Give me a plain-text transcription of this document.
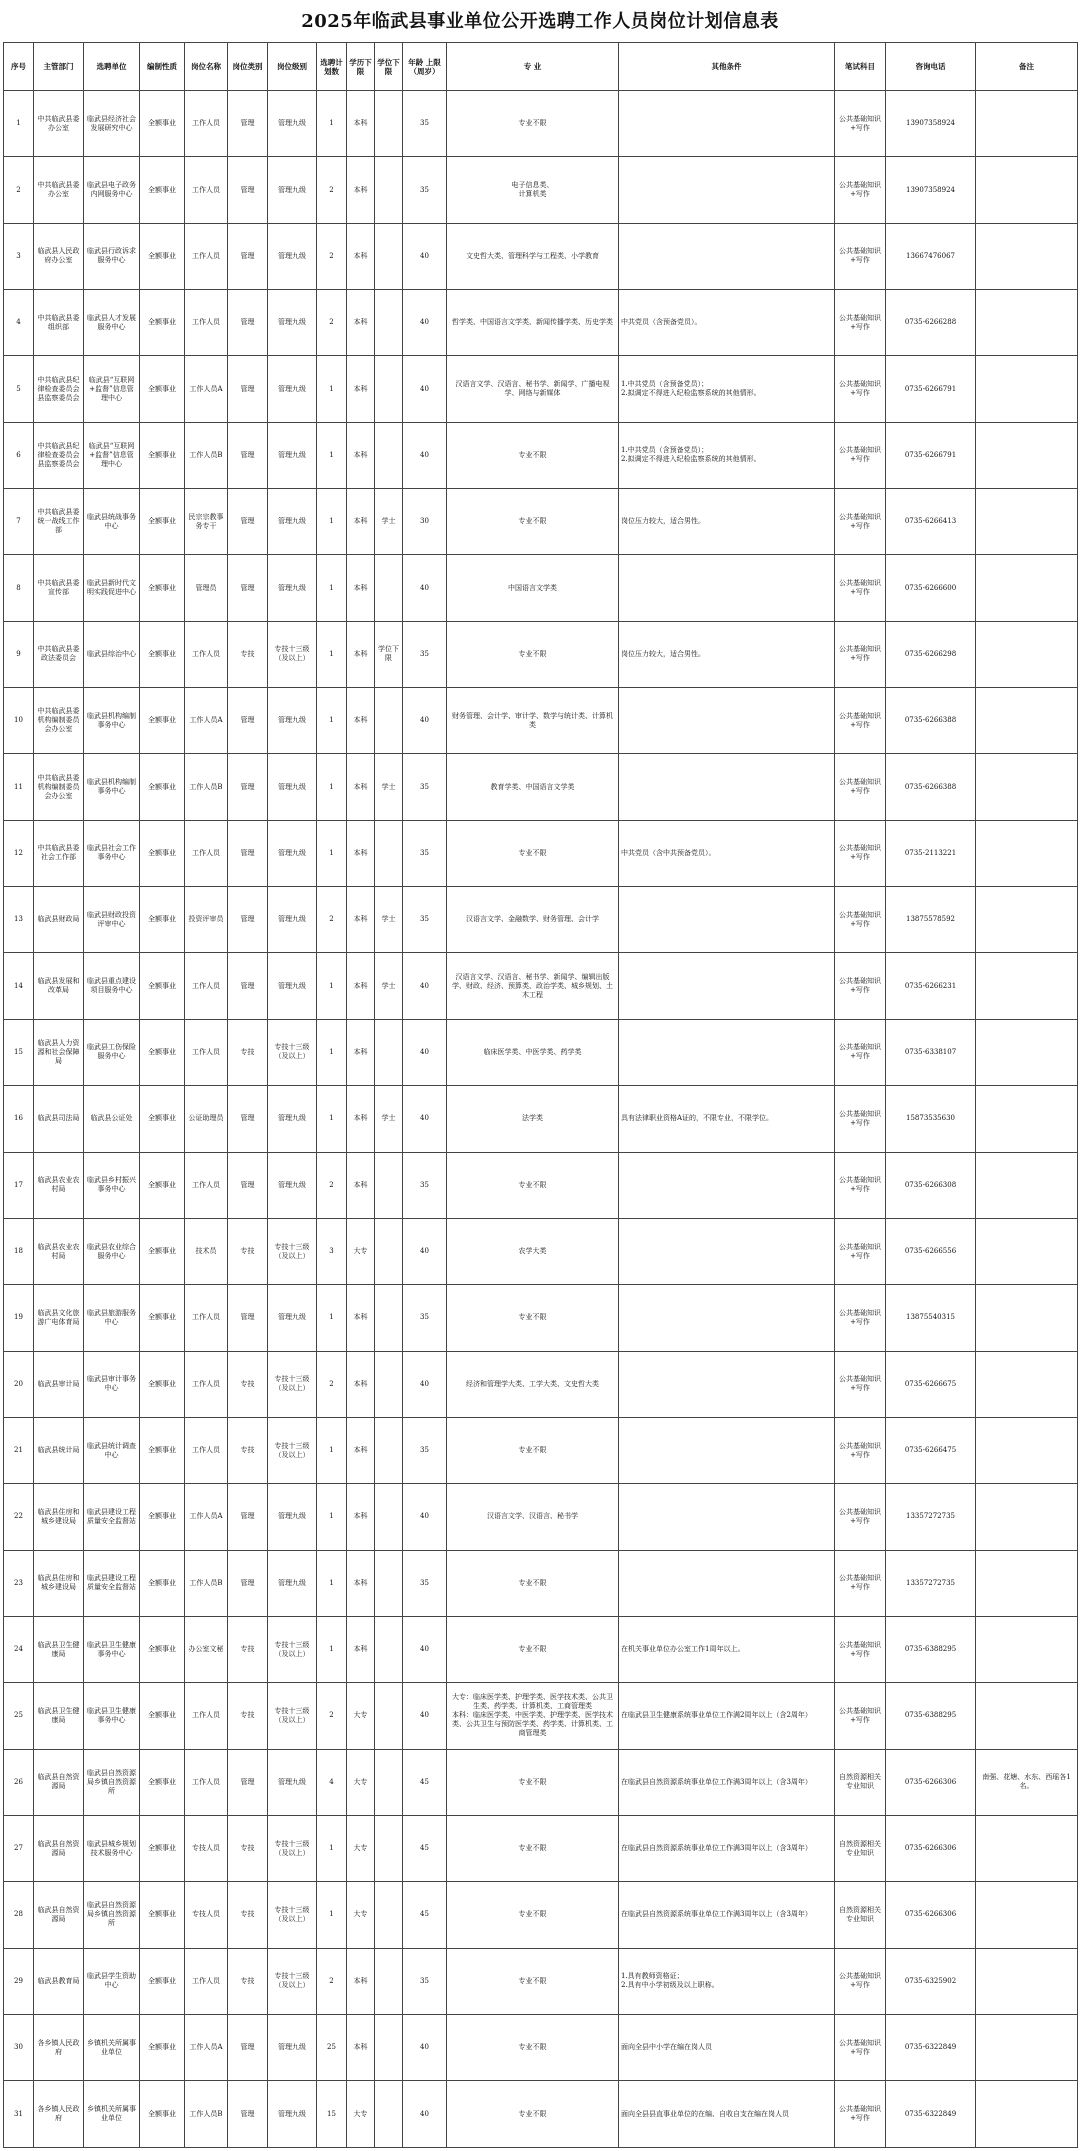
2025年临武县事业单位公开选聘工作人员岗位计划信息表
序号	主管部门	选聘单位	编制性质	岗位名称	岗位类别	岗位级别	选聘计划数	学历下限	学位下限	年龄 上限（周岁）	专 业	其他条件	笔试科目	咨询电话	备注
1	中共临武县委办公室	临武县经济社会发展研究中心	全额事业	工作人员	管理	管理九级	1	本科		35	专业不限		公共基础知识+写作	13907358924	
2	中共临武县委办公室	临武县电子政务内网服务中心	全额事业	工作人员	管理	管理九级	2	本科		35	电子信息类、
计算机类		公共基础知识+写作	13907358924	
3	临武县人民政府办公室	临武县行政诉求服务中心	全额事业	工作人员	管理	管理九级	2	本科		40	文史哲大类、管理科学与工程类、小学教育		公共基础知识+写作	13667476067	
4	中共临武县委组织部	临武县人才发展服务中心	全额事业	工作人员	管理	管理九级	2	本科		40	哲学类、中国语言文学类、新闻传播学类、历史学类	中共党员（含预备党员）。	公共基础知识+写作	0735-6266288	
5	中共临武县纪律检查委员会县监察委员会	临武县“互联网+监督”信息管理中心	全额事业	工作人员A	管理	管理九级	1	本科		40	汉语言文学、汉语言、秘书学、新闻学、广播电视学、网络与新媒体	1.中共党员（含预备党员）；
2.拟调定不得进入纪检监察系统的其他情形。	公共基础知识+写作	0735-6266791	
6	中共临武县纪律检查委员会县监察委员会	临武县“互联网+监督”信息管理中心	全额事业	工作人员B	管理	管理九级	1	本科		40	专业不限	1.中共党员（含预备党员）；
2.拟调定不得进入纪检监察系统的其他情形。	公共基础知识+写作	0735-6266791	
7	中共临武县委统一战线工作部	临武县统战事务中心	全额事业	民宗宗教事务专干	管理	管理九级	1	本科	学士	30	专业不限	岗位压力较大，适合男性。	公共基础知识+写作	0735-6266413	
8	中共临武县委宣传部	临武县新时代文明实践促进中心	全额事业	管理员	管理	管理九级	1	本科		40	中国语言文学类		公共基础知识+写作	0735-6266600	
9	中共临武县委政法委员会	临武县综治中心	全额事业	工作人员	专技	专技十三级（及以上）	1	本科	学位下限	35	专业不限	岗位压力较大，适合男性。	公共基础知识+写作	0735-6266298	
10	中共临武县委机构编制委员会办公室	临武县机构编制事务中心	全额事业	工作人员A	管理	管理九级	1	本科		40	财务管理、会计学、审计学、数学与统计类、计算机类		公共基础知识+写作	0735-6266388	
11	中共临武县委机构编制委员会办公室	临武县机构编制事务中心	全额事业	工作人员B	管理	管理九级	1	本科	学士	35	教育学类、中国语言文学类		公共基础知识+写作	0735-6266388	
12	中共临武县委社会工作部	临武县社会工作事务中心	全额事业	工作人员	管理	管理九级	1	本科		35	专业不限	中共党员（含中共预备党员）。	公共基础知识+写作	0735-2113221	
13	临武县财政局	临武县财政投资评审中心	全额事业	投资评审员	管理	管理九级	2	本科	学士	35	汉语言文学、金融数学、财务管理、会计学		公共基础知识+写作	13875578592	
14	临武县发展和改革局	临武县重点建设项目服务中心	全额事业	工作人员	管理	管理九级	1	本科	学士	40	汉语言文学、汉语言、秘书学、新闻学、编辑出版学、财政、经济、预算类、政治学类、城乡规划、土木工程		公共基础知识+写作	0735-6266231	
15	临武县人力资源和社会保障局	临武县工伤保险服务中心	全额事业	工作人员	专技	专技十三级（及以上）	1	本科		40	临床医学类、中医学类、药学类		公共基础知识+写作	0735-6338107	
16	临武县司法局	临武县公证处	全额事业	公证助理员	管理	管理九级	1	本科	学士	40	法学类	具有法律职业资格A证的，不限专业，不限学位。	公共基础知识+写作	15873535630	
17	临武县农业农村局	临武县乡村振兴事务中心	全额事业	工作人员	管理	管理九级	2	本科		35	专业不限		公共基础知识+写作	0735-6266308	
18	临武县农业农村局	临武县农业综合服务中心	全额事业	技术员	专技	专技十三级（及以上）	3	大专		40	农学大类		公共基础知识+写作	0735-6266556	
19	临武县文化旅游广电体育局	临武县旅游服务中心	全额事业	工作人员	管理	管理九级	1	本科		35	专业不限		公共基础知识+写作	13875540315	
20	临武县审计局	临武县审计事务中心	全额事业	工作人员	专技	专技十三级（及以上）	2	本科		40	经济和管理学大类、工学大类、文史哲大类		公共基础知识+写作	0735-6266675	
21	临武县统计局	临武县统计调查中心	全额事业	工作人员	专技	专技十三级（及以上）	1	本科		35	专业不限		公共基础知识+写作	0735-6266475	
22	临武县住房和城乡建设局	临武县建设工程质量安全监督站	全额事业	工作人员A	管理	管理九级	1	本科		40	汉语言文学、汉语言、秘书学		公共基础知识+写作	13357272735	
23	临武县住房和城乡建设局	临武县建设工程质量安全监督站	全额事业	工作人员B	管理	管理九级	1	本科		35	专业不限		公共基础知识+写作	13357272735	
24	临武县卫生健康局	临武县卫生健康事务中心	全额事业	办公室文秘	专技	专技十三级（及以上）	1	本科		40	专业不限	在机关事业单位办公室工作1周年以上。	公共基础知识+写作	0735-6388295	
25	临武县卫生健康局	临武县卫生健康事务中心	全额事业	工作人员	专技	专技十三级（及以上）	2	大专		40	大专：临床医学类、护理学类、医学技术类、公共卫生类、药学类、计算机类、工商管理类
本科：临床医学类、中医学类、护理学类、医学技术类、公共卫生与预防医学类、药学类、计算机类、工商管理类	在临武县卫生健康系统事业单位工作满2周年以上（含2周年）	公共基础知识+写作	0735-6388295	
26	临武县自然资源局	临武县自然资源局乡镇自然资源所	全额事业	工作人员	管理	管理九级	4	大专		45	专业不限	在临武县自然资源系统事业单位工作满3周年以上（含3周年）	自然资源相关专业知识	0735-6266306	南强、花塘、水东、西瑶各1名。
27	临武县自然资源局	临武县城乡规划技术服务中心	全额事业	专技人员	专技	专技十三级（及以上）	1	大专		45	专业不限	在临武县自然资源系统事业单位工作满3周年以上（含3周年）	自然资源相关专业知识	0735-6266306	
28	临武县自然资源局	临武县自然资源局乡镇自然资源所	全额事业	专技人员	专技	专技十三级（及以上）	1	大专		45	专业不限	在临武县自然资源系统事业单位工作满3周年以上（含3周年）	自然资源相关专业知识	0735-6266306	
29	临武县教育局	临武县学生资助中心	全额事业	工作人员	专技	专技十三级（及以上）	2	本科		35	专业不限	1.具有教师资格证；
2.具有中小学初级及以上职称。	公共基础知识+写作	0735-6325902	
30	各乡镇人民政府	乡镇机关所属事业单位	全额事业	工作人员A	管理	管理九级	25	本科		40	专业不限	面向全县中小学在编在岗人员	公共基础知识+写作	0735-6322849	
31	各乡镇人民政府	乡镇机关所属事业单位	全额事业	工作人员B	管理	管理九级	15	大专		40	专业不限	面向全县县直事业单位的在编、自收自支在编在岗人员	公共基础知识+写作	0735-6322849	
